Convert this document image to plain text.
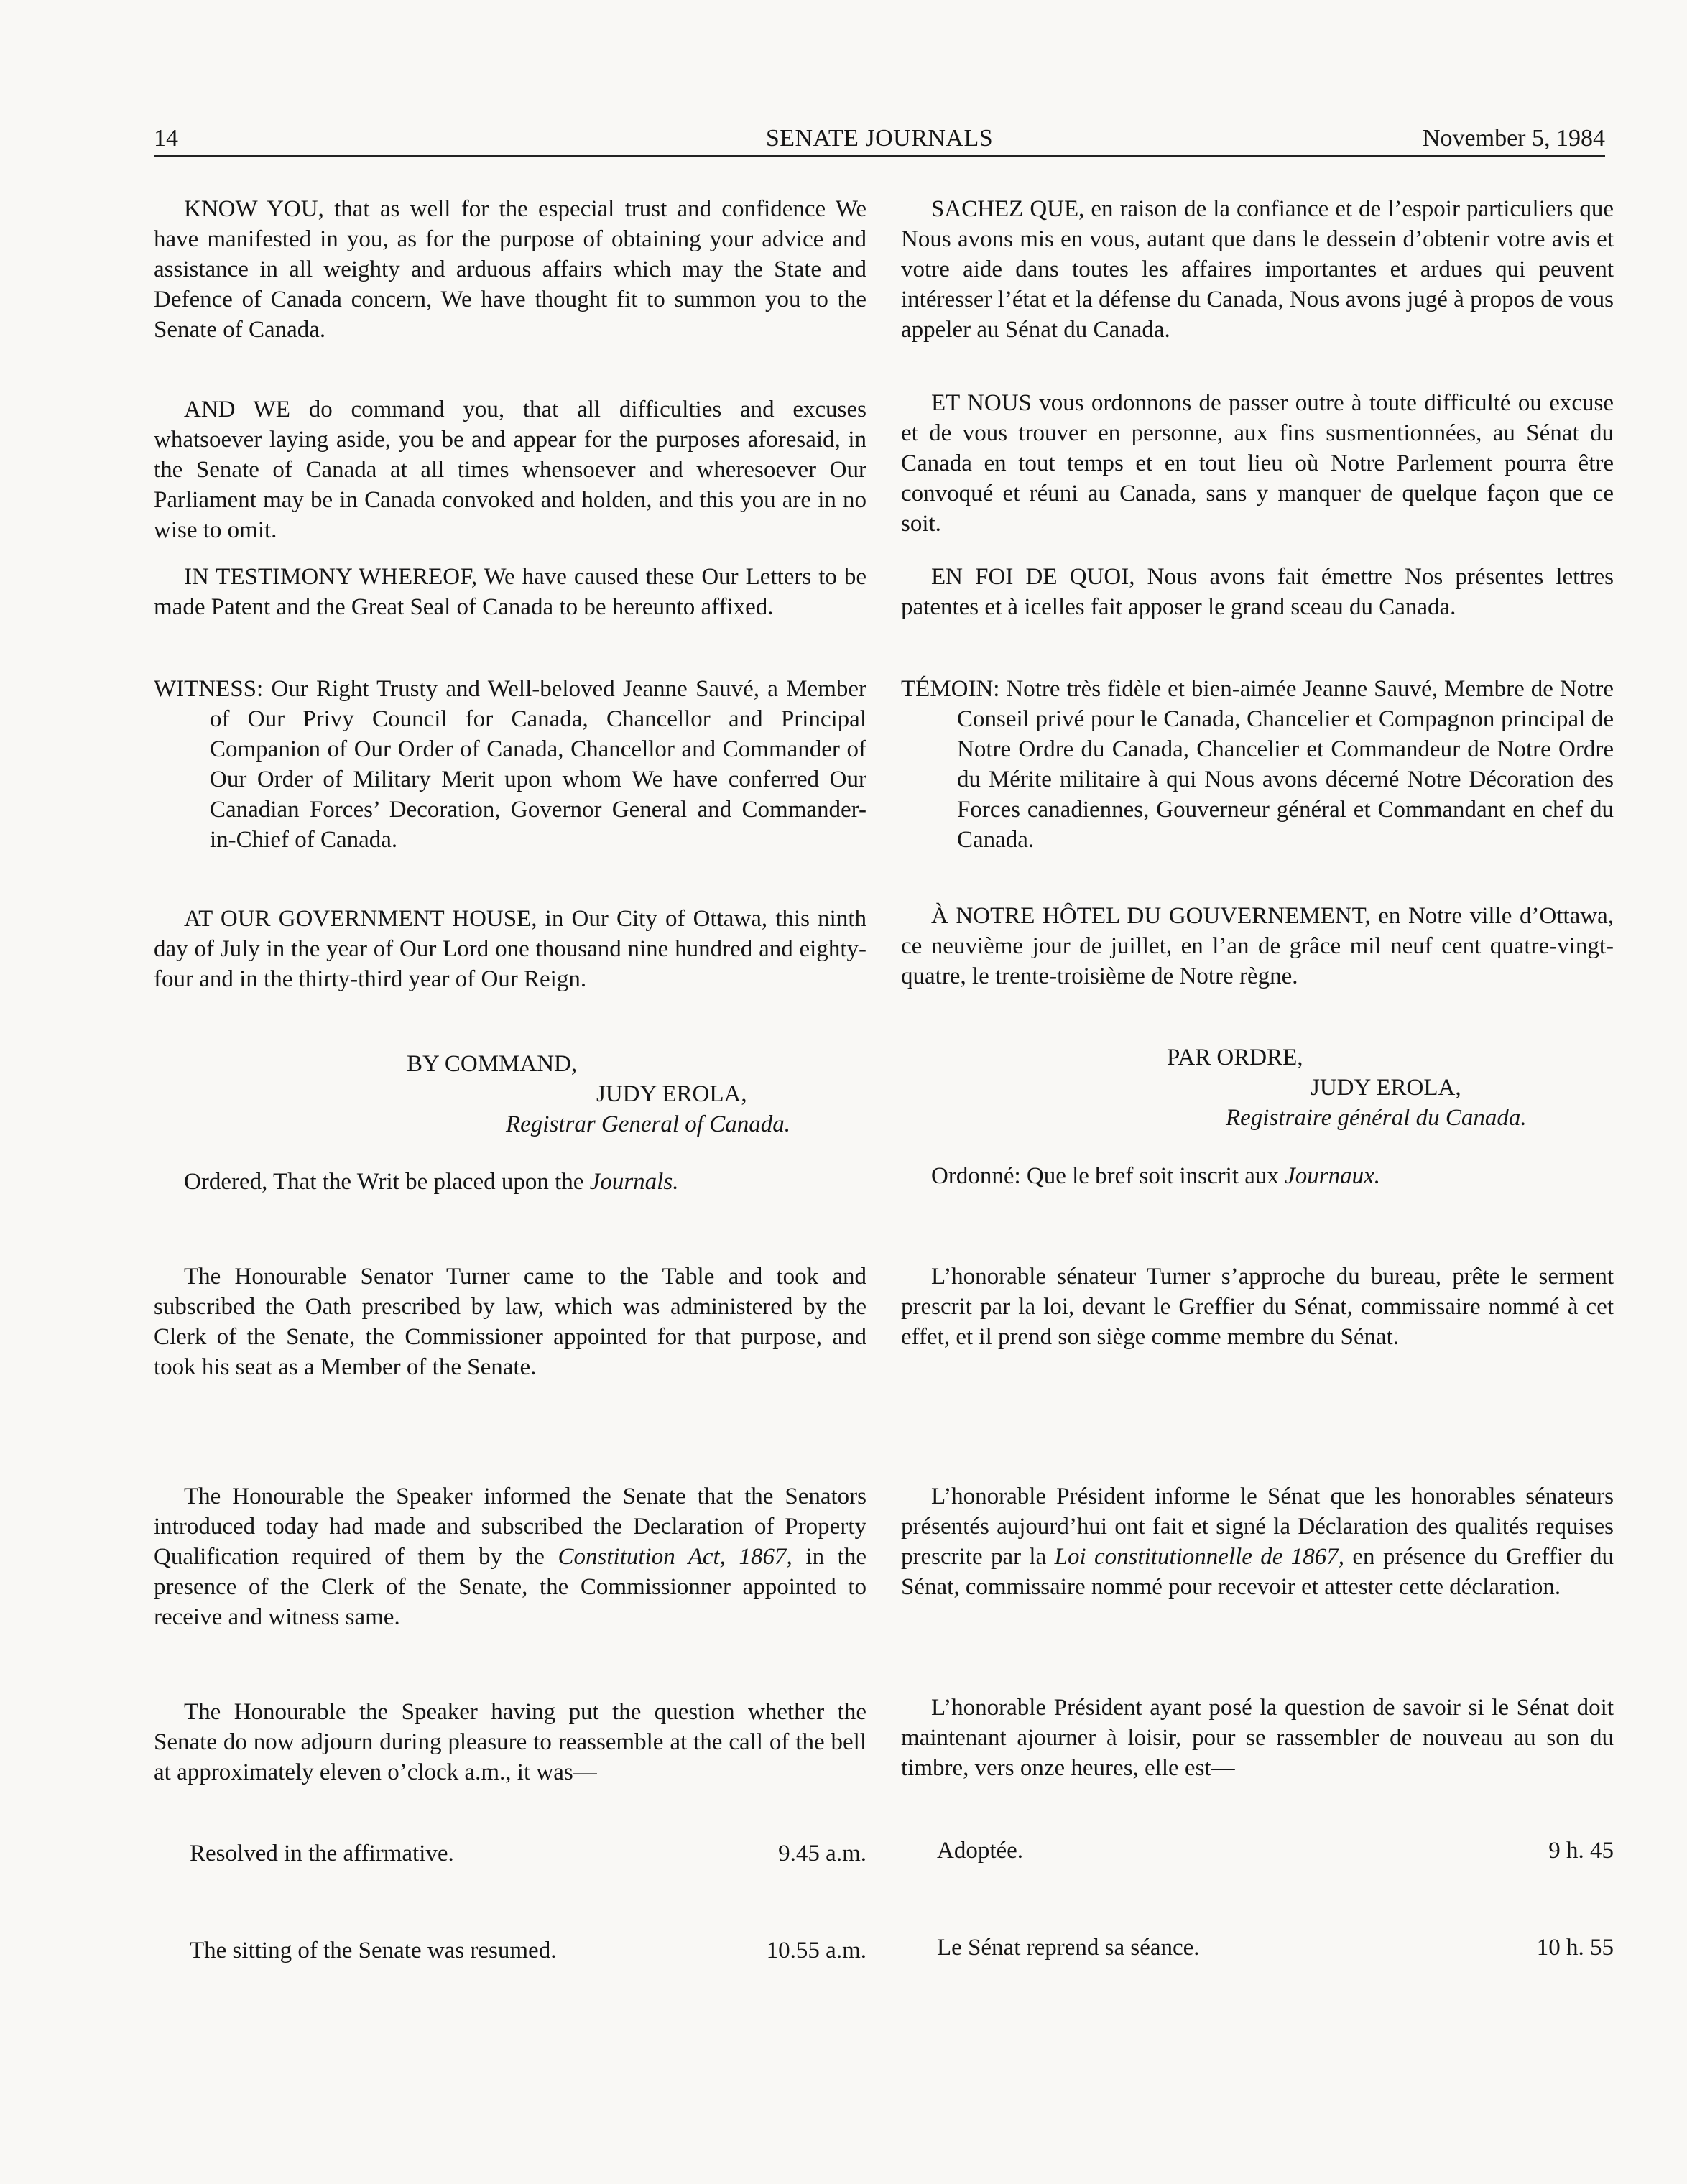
SENATE JOURNALS
14	November 5, 1984

KNOW YOU, that as well for the especial trust and confidence We have manifested in you, as for the purpose of obtaining your advice and assistance in all weighty and arduous affairs which may the State and Defence of Canada concern, We have thought fit to summon you to the Senate of Canada.

AND WE do command you, that all difficulties and excuses whatsoever laying aside, you be and appear for the purposes aforesaid, in the Senate of Canada at all times whensoever and wheresoever Our Parliament may be in Canada convoked and holden, and this you are in no wise to omit.

IN TESTIMONY WHEREOF, We have caused these Our Letters to be made Patent and the Great Seal of Canada to be hereunto affixed.

WITNESS: Our Right Trusty and Well-beloved Jeanne Sauvé, a Member of Our Privy Council for Canada, Chancellor and Principal Companion of Our Order of Canada, Chancellor and Commander of Our Order of Military Merit upon whom We have conferred Our Canadian Forces’ Decoration, Governor General and Commander-in-Chief of Canada.

AT OUR GOVERNMENT HOUSE, in Our City of Ottawa, this ninth day of July in the year of Our Lord one thousand nine hundred and eighty-four and in the thirty-third year of Our Reign.

BY COMMAND,
JUDY EROLA,
Registrar General of Canada.

Ordered, That the Writ be placed upon the Journals.

The Honourable Senator Turner came to the Table and took and subscribed the Oath prescribed by law, which was administered by the Clerk of the Senate, the Commissioner appointed for that purpose, and took his seat as a Member of the Senate.

The Honourable the Speaker informed the Senate that the Senators introduced today had made and subscribed the Declaration of Property Qualification required of them by the Constitution Act, 1867, in the presence of the Clerk of the Senate, the Commissionner appointed to receive and witness same.

The Honourable the Speaker having put the question whether the Senate do now adjourn during pleasure to reassemble at the call of the bell at approximately eleven o’clock a.m., it was—

Resolved in the affirmative.	9.45 a.m.
The sitting of the Senate was resumed.	10.55 a.m.

SACHEZ QUE, en raison de la confiance et de l’espoir particuliers que Nous avons mis en vous, autant que dans le dessein d’obtenir votre avis et votre aide dans toutes les affaires importantes et ardues qui peuvent intéresser l’état et la défense du Canada, Nous avons jugé à propos de vous appeler au Sénat du Canada.

ET NOUS vous ordonnons de passer outre à toute difficulté ou excuse et de vous trouver en personne, aux fins susmentionnées, au Sénat du Canada en tout temps et en tout lieu où Notre Parlement pourra être convoqué et réuni au Canada, sans y manquer de quelque façon que ce soit.

EN FOI DE QUOI, Nous avons fait émettre Nos présentes lettres patentes et à icelles fait apposer le grand sceau du Canada.

TÉMOIN: Notre très fidèle et bien-aimée Jeanne Sauvé, Membre de Notre Conseil privé pour le Canada, Chancelier et Compagnon principal de Notre Ordre du Canada, Chancelier et Commandeur de Notre Ordre du Mérite militaire à qui Nous avons décerné Notre Décoration des Forces canadiennes, Gouverneur général et Commandant en chef du Canada.

À NOTRE HÔTEL DU GOUVERNEMENT, en Notre ville d’Ottawa, ce neuvième jour de juillet, en l’an de grâce mil neuf cent quatre-vingt-quatre, le trente-troisième de Notre règne.

PAR ORDRE,
JUDY EROLA,
Registraire général du Canada.

Ordonné: Que le bref soit inscrit aux Journaux.

L’honorable sénateur Turner s’approche du bureau, prête le serment prescrit par la loi, devant le Greffier du Sénat, commissaire nommé à cet effet, et il prend son siège comme membre du Sénat.

L’honorable Président informe le Sénat que les honorables sénateurs présentés aujourd’hui ont fait et signé la Déclaration des qualités requises prescrite par la Loi constitutionnelle de 1867, en présence du Greffier du Sénat, commissaire nommé pour recevoir et attester cette déclaration.

L’honorable Président ayant posé la question de savoir si le Sénat doit maintenant ajourner à loisir, pour se rassembler de nouveau au son du timbre, vers onze heures, elle est—

Adoptée.	9 h. 45
Le Sénat reprend sa séance.	10 h. 55
